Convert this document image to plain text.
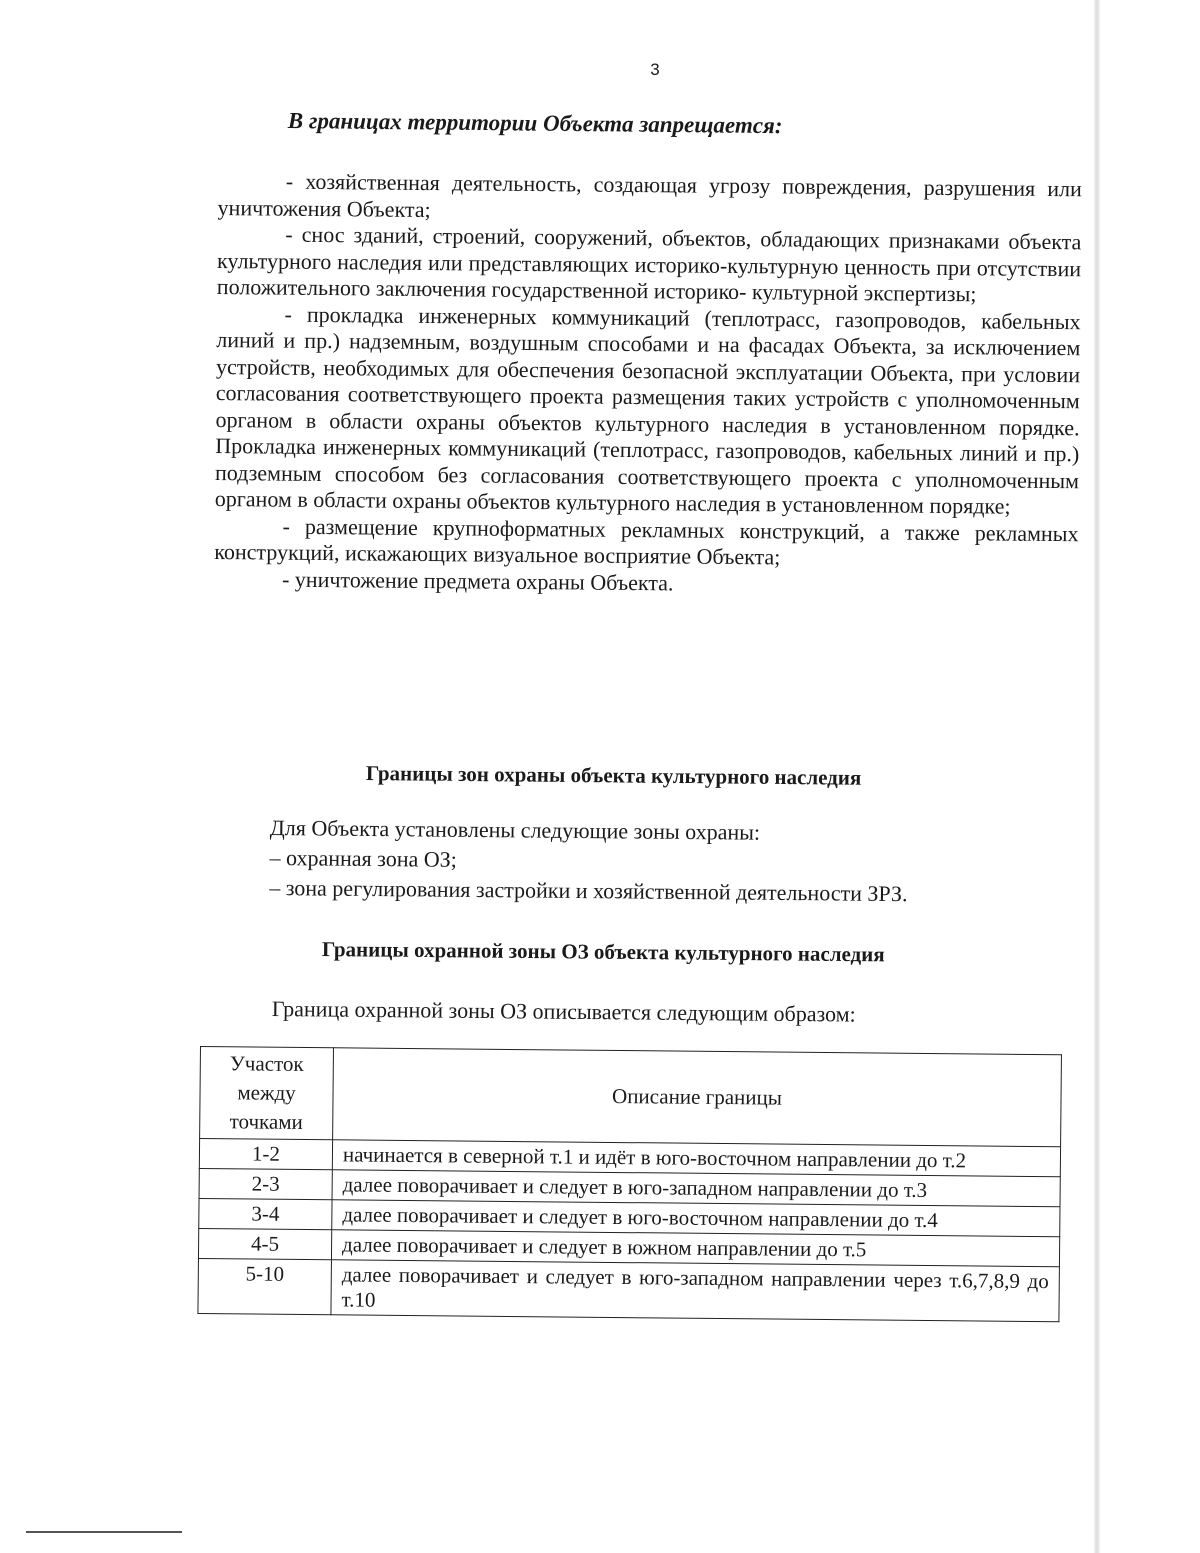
3
В границах территории Объекта запрещается:

- хозяйственная деятельность, создающая угрозу повреждения, разрушения или уничтожения Объекта;

- снос зданий, строений, сооружений, объектов, обладающих признаками объекта культурного наследия или представляющих историко-культурную ценность при отсутствии положительного заключения государственной историко- культурной экспертизы;

- прокладка инженерных коммуникаций (теплотрасс, газопроводов, кабельных линий и пр.) надземным, воздушным способами и на фасадах Объекта, за исключением устройств, необходимых для обеспечения безопасной эксплуатации Объекта, при условии согласования соответствующего проекта размещения таких устройств с уполномоченным органом в области охраны объектов культурного наследия в установленном порядке. Прокладка инженерных коммуникаций (теплотрасс, газопроводов, кабельных линий и пр.) подземным способом без согласования соответствующего проекта с уполномоченным органом в области охраны объектов культурного наследия в установленном порядке;

- размещение крупноформатных рекламных конструкций, а также рекламных конструкций, искажающих визуальное восприятие Объекта;

- уничтожение предмета охраны Объекта.

Границы зон охраны объекта культурного наследия
Для Объекта установлены следующие зоны охраны:
– охранная зона ОЗ;
– зона регулирования застройки и хозяйственной деятельности ЗРЗ.
Границы охранной зоны ОЗ объекта культурного наследия
Граница охранной зоны ОЗ описывается следующим образом:
Участок между точками	Описание границы
1-2	начинается в северной т.1 и идёт в юго-восточном направлении до т.2
2-3	далее поворачивает и следует в юго-западном направлении до т.3
3-4	далее поворачивает и следует в юго-восточном направлении до т.4
4-5	далее поворачивает и следует в южном направлении до т.5
5-10	далее поворачивает и следует в юго-западном направлении через т.6,7,8,9 до т.10
